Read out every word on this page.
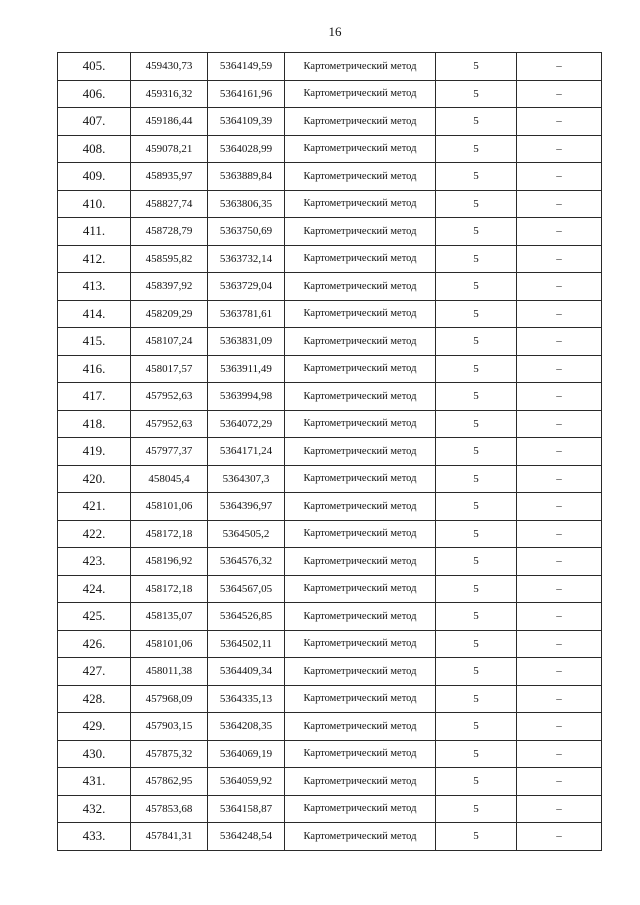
16
405.	459430,73	5364149,59	Картометрический метод	5	–
406.	459316,32	5364161,96	Картометрический метод	5	–
407.	459186,44	5364109,39	Картометрический метод	5	–
408.	459078,21	5364028,99	Картометрический метод	5	–
409.	458935,97	5363889,84	Картометрический метод	5	–
410.	458827,74	5363806,35	Картометрический метод	5	–
411.	458728,79	5363750,69	Картометрический метод	5	–
412.	458595,82	5363732,14	Картометрический метод	5	–
413.	458397,92	5363729,04	Картометрический метод	5	–
414.	458209,29	5363781,61	Картометрический метод	5	–
415.	458107,24	5363831,09	Картометрический метод	5	–
416.	458017,57	5363911,49	Картометрический метод	5	–
417.	457952,63	5363994,98	Картометрический метод	5	–
418.	457952,63	5364072,29	Картометрический метод	5	–
419.	457977,37	5364171,24	Картометрический метод	5	–
420.	458045,4	5364307,3	Картометрический метод	5	–
421.	458101,06	5364396,97	Картометрический метод	5	–
422.	458172,18	5364505,2	Картометрический метод	5	–
423.	458196,92	5364576,32	Картометрический метод	5	–
424.	458172,18	5364567,05	Картометрический метод	5	–
425.	458135,07	5364526,85	Картометрический метод	5	–
426.	458101,06	5364502,11	Картометрический метод	5	–
427.	458011,38	5364409,34	Картометрический метод	5	–
428.	457968,09	5364335,13	Картометрический метод	5	–
429.	457903,15	5364208,35	Картометрический метод	5	–
430.	457875,32	5364069,19	Картометрический метод	5	–
431.	457862,95	5364059,92	Картометрический метод	5	–
432.	457853,68	5364158,87	Картометрический метод	5	–
433.	457841,31	5364248,54	Картометрический метод	5	–
